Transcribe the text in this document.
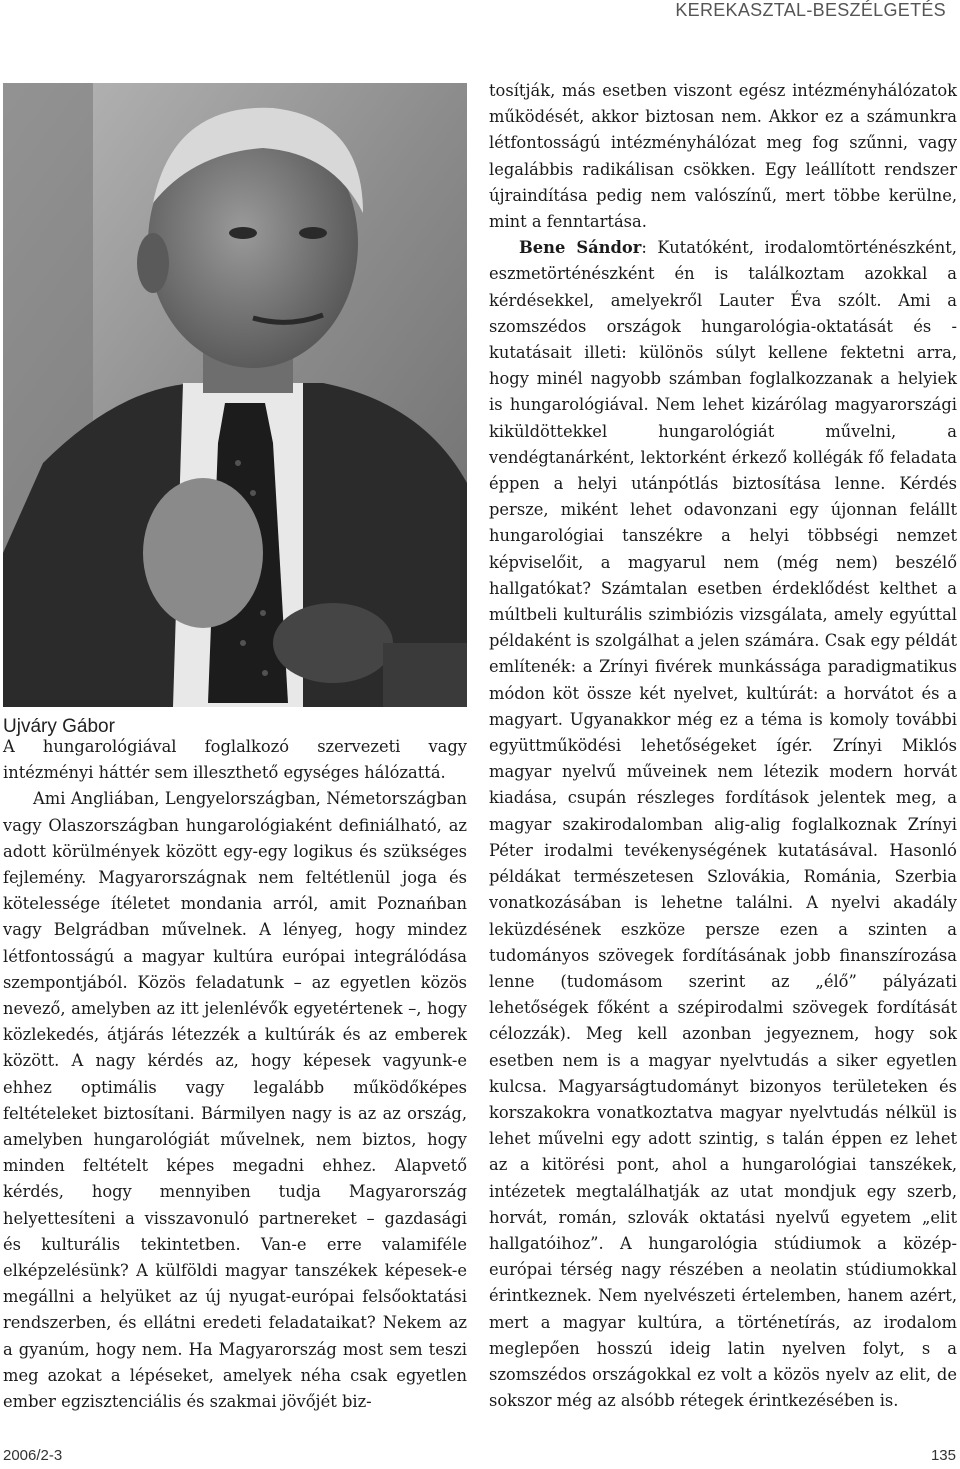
KEREKASZTAL-BESZÉLGETÉS
Ujváry Gábor

A hungarológiával foglalkozó szervezeti vagy intézményi háttér sem illeszthető egységes hálózattá.

Ami Angliában, Lengyelországban, Németországban vagy Olaszországban hungarológiaként definiálható, az adott körülmények között egy-egy logikus és szükséges fejlemény. Magyarországnak nem feltétlenül joga és kötelessége ítéletet mondania arról, amit Poznańban vagy Belgrádban művelnek. A lényeg, hogy mindez létfontosságú a magyar kultúra európai integrálódása szempontjából. Közös feladatunk – az egyetlen közös nevező, amelyben az itt jelenlévők egyetértenek –, hogy közlekedés, átjárás létezzék a kultúrák és az emberek között. A nagy kérdés az, hogy képesek vagyunk-e ehhez optimális vagy legalább működőképes feltételeket biztosítani. Bármilyen nagy is az az ország, amelyben hungarológiát művelnek, nem biztos, hogy minden feltételt képes megadni ehhez. Alapvető kérdés, hogy mennyiben tudja Magyarország helyettesíteni a visszavonuló partnereket – gazdasági és kulturális tekintetben. Van-e erre valamiféle elképzelésünk? A külföldi magyar tanszékek képesek-e megállni a helyüket az új nyugat-európai felsőoktatási rendszerben, és ellátni eredeti feladataikat? Nekem az a gyanúm, hogy nem. Ha Magyarország most sem teszi meg azokat a lépéseket, amelyek néha csak egyetlen ember egzisztenciális és szakmai jövőjét biz-

tosítják, más esetben viszont egész intézményhálózatok működését, akkor biztosan nem. Akkor ez a számunkra létfontosságú intézményhálózat meg fog szűnni, vagy legalábbis radikálisan csökken. Egy leállított rendszer újraindítása pedig nem valószínű, mert többe kerülne, mint a fenntartása.

Bene Sándor: Kutatóként, irodalomtörténészként, eszmetörténészként én is találkoztam azokkal a kérdésekkel, amelyekről Lauter Éva szólt. Ami a szomszédos országok hungarológia-oktatását és -kutatásait illeti: különös súlyt kellene fektetni arra, hogy minél nagyobb számban foglalkozzanak a helyiek is hungarológiával. Nem lehet kizárólag magyarországi kiküldöttekkel hungarológiát művelni, a vendégtanárként, lektorként érkező kollégák fő feladata éppen a helyi utánpótlás biztosítása lenne. Kérdés persze, miként lehet odavonzani egy újonnan felállt hungarológiai tanszékre a helyi többségi nemzet képviselőit, a magyarul nem (még nem) beszélő hallgatókat? Számtalan esetben érdeklődést kelthet a múltbeli kulturális szimbiózis vizsgálata, amely egyúttal példaként is szolgálhat a jelen számára. Csak egy példát említenék: a Zrínyi fivérek munkássága paradigmatikus módon köt össze két nyelvet, kultúrát: a horvátot és a magyart. Ugyanakkor még ez a téma is komoly további együttműködési lehetőségeket ígér. Zrínyi Miklós magyar nyelvű műveinek nem létezik modern horvát kiadása, csupán részleges fordítások jelentek meg, a magyar szakirodalomban alig-alig foglalkoznak Zrínyi Péter irodalmi tevékenységének kutatásával. Hasonló példákat természetesen Szlovákia, Románia, Szerbia vonatkozásában is lehetne találni. A nyelvi akadály leküzdésének eszköze persze ezen a szinten a tudományos szövegek fordításának jobb finanszírozása lenne (tudomásom szerint az „élő” pályázati lehetőségek főként a szépirodalmi szövegek fordítását célozzák). Meg kell azonban jegyeznem, hogy sok esetben nem is a magyar nyelvtudás a siker egyetlen kulcsa. Magyarságtudományt bizonyos területeken és korszakokra vonatkoztatva magyar nyelvtudás nélkül is lehet művelni egy adott szintig, s talán éppen ez lehet az a kitörési pont, ahol a hungarológiai tanszékek, intézetek megtalálhatják az utat mondjuk egy szerb, horvát, román, szlovák oktatási nyelvű egyetem „elit hallgatóihoz”. A hungarológia stúdiumok a közép-európai térség nagy részében a neolatin stúdiumokkal érintkeznek. Nem nyelvészeti értelemben, hanem azért, mert a magyar kultúra, a történetírás, az irodalom meglepően hosszú ideig latin nyelven folyt, s a szomszédos országokkal ez volt a közös nyelv az elit, de sokszor még az alsóbb rétegek érintkezésében is.

2006/2-3	135
